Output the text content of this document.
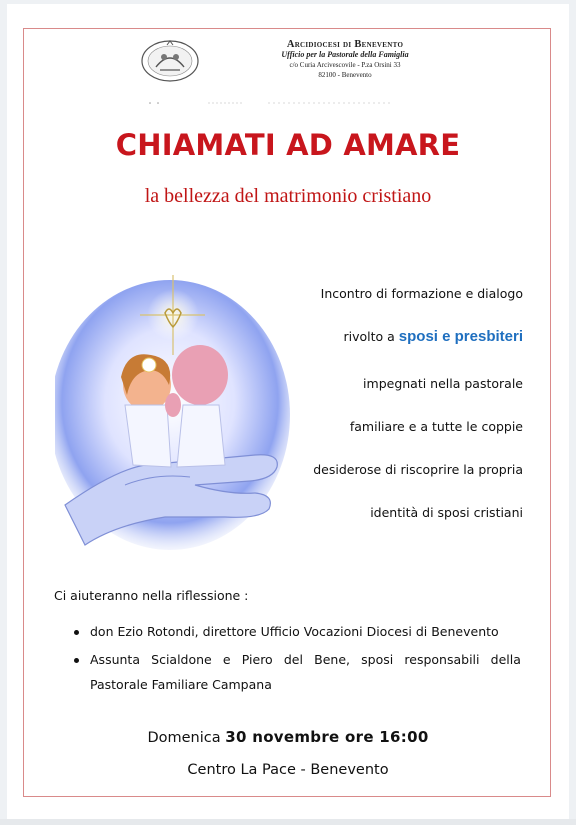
Arcidiocesi di Benevento
Ufficio per la Pastorale della Famiglia
c/o Curia Arcivescovile - P.za Orsini 33
82100 - Benevento
CHIAMATI AD AMARE
la bellezza del matrimonio cristiano
Incontro di formazione e dialogo
rivolto a sposi e presbiteri
impegnati nella pastorale
familiare e a tutte le coppie
desiderose di riscoprire la propria
identità di sposi cristiani
Ci aiuteranno nella riflessione :
don Ezio Rotondi, direttore Ufficio Vocazioni Diocesi di Benevento
Assunta Scialdone e Piero del Bene, sposi responsabili della
Pastorale Familiare Campana
Domenica 30 novembre ore 16:00
Centro La Pace - Benevento
